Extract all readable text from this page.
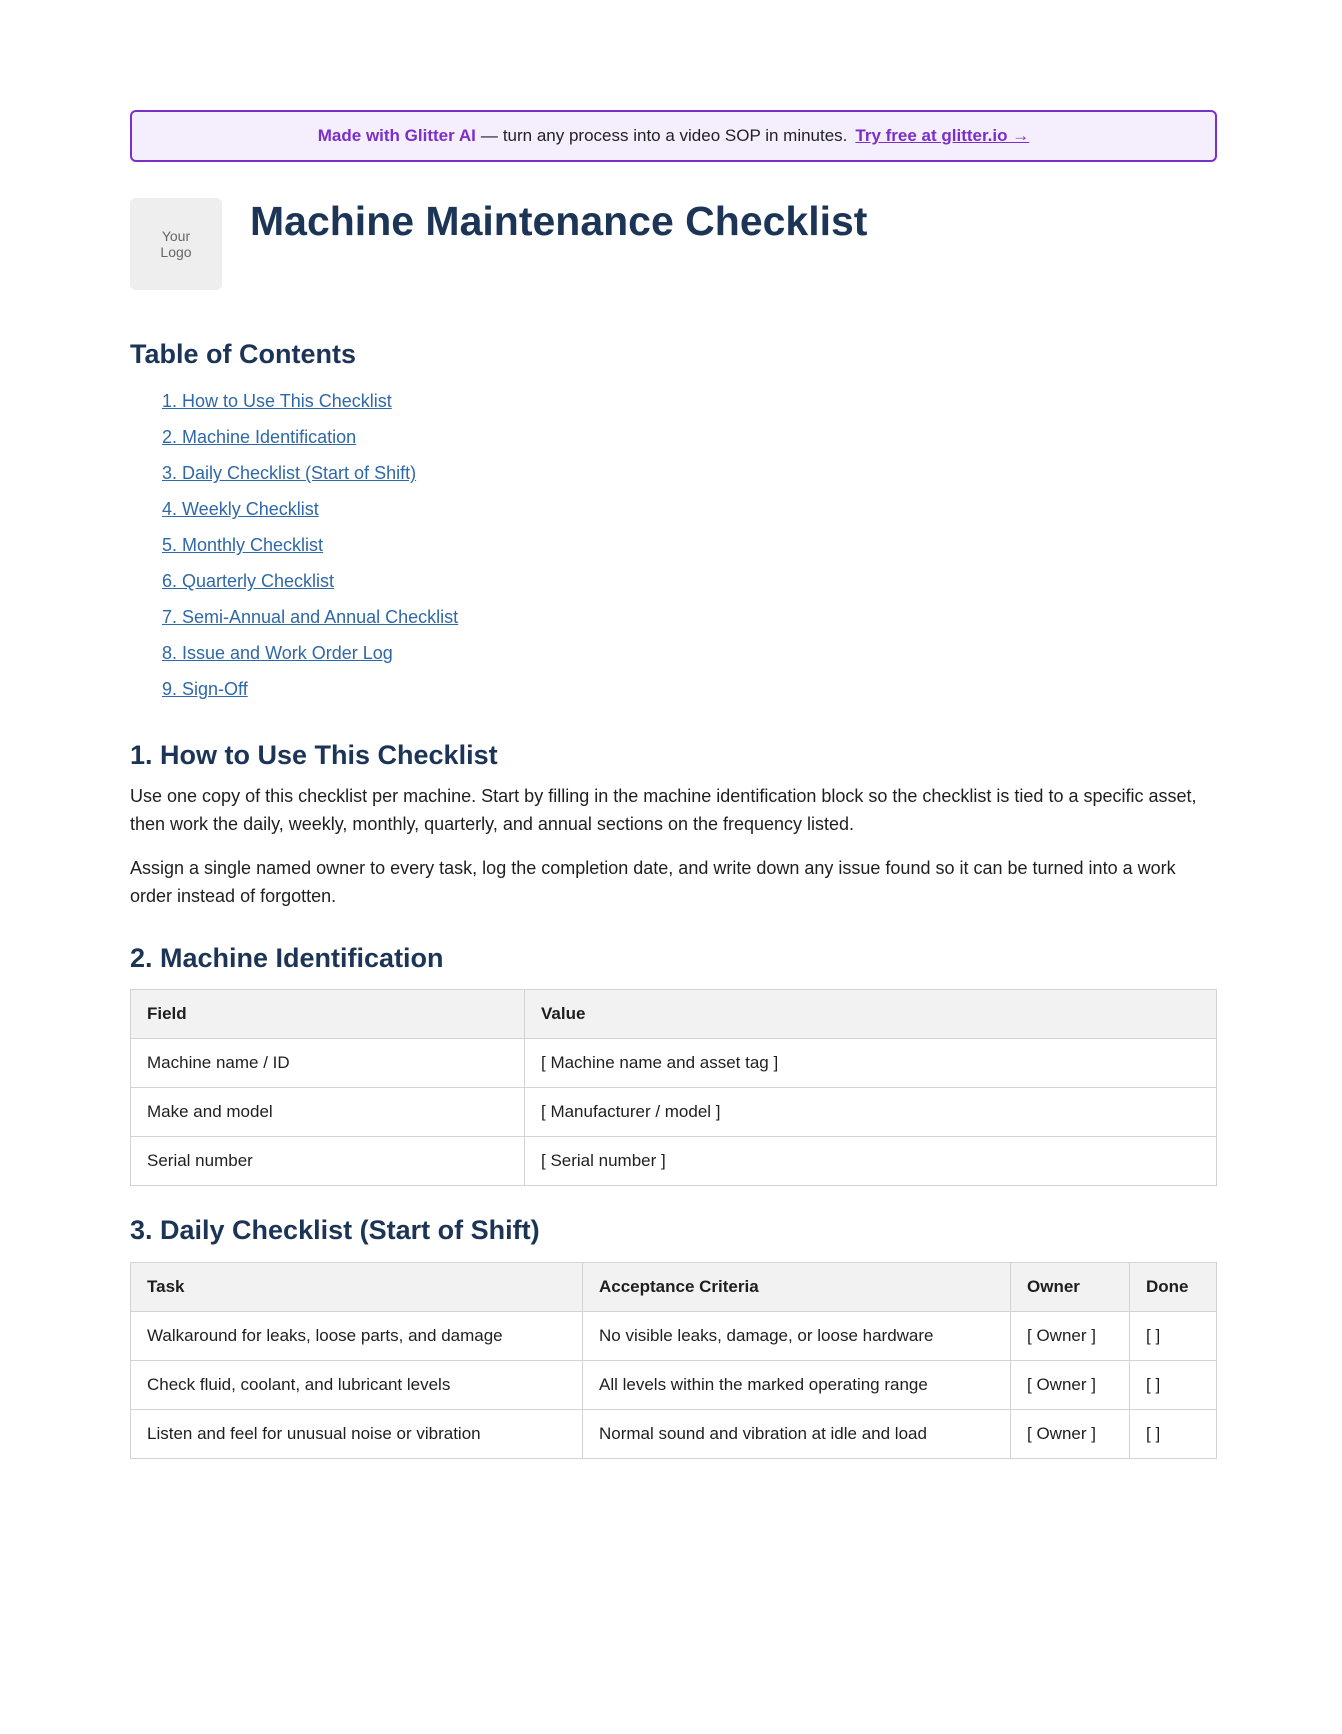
Made with Glitter AI — turn any process into a video SOP in minutes. Try free at glitter.io →
Your
Logo
Machine Maintenance Checklist
Table of Contents
1. How to Use This Checklist
2. Machine Identification
3. Daily Checklist (Start of Shift)
4. Weekly Checklist
5. Monthly Checklist
6. Quarterly Checklist
7. Semi-Annual and Annual Checklist
8. Issue and Work Order Log
9. Sign-Off
1. How to Use This Checklist

Use one copy of this checklist per machine. Start by filling in the machine identification block so the checklist is tied to a specific asset, then work the daily, weekly, monthly, quarterly, and annual sections on the frequency listed.

Assign a single named owner to every task, log the completion date, and write down any issue found so it can be turned into a work order instead of forgotten.

2. Machine Identification
Field	Value
Machine name / ID	[ Machine name and asset tag ]
Make and model	[ Manufacturer / model ]
Serial number	[ Serial number ]
3. Daily Checklist (Start of Shift)
Task	Acceptance Criteria	Owner	Done
Walkaround for leaks, loose parts, and damage	No visible leaks, damage, or loose hardware	[ Owner ]	[ ]
Check fluid, coolant, and lubricant levels	All levels within the marked operating range	[ Owner ]	[ ]
Listen and feel for unusual noise or vibration	Normal sound and vibration at idle and load	[ Owner ]	[ ]
